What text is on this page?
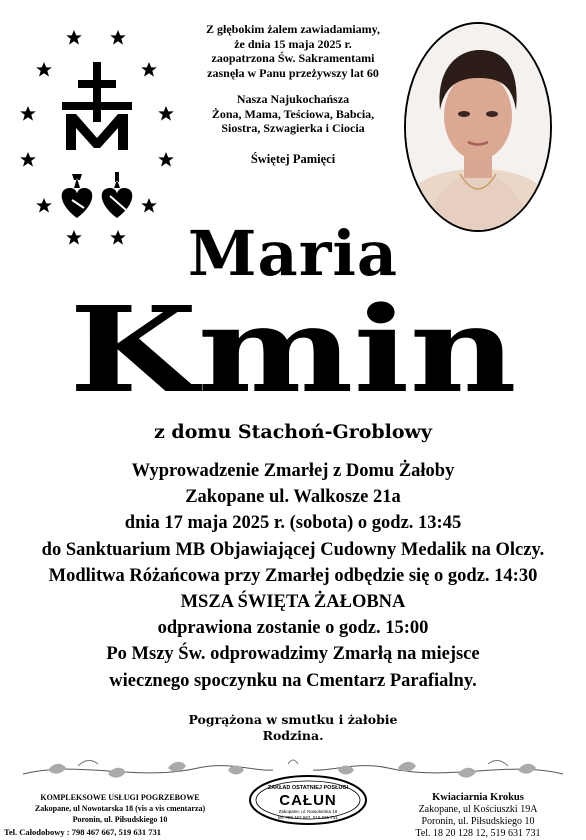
Z głębokim żalem zawiadamiamy,

że dnia 15 maja 2025 r.

zaopatrzona Św. Sakramentami

zasnęła w Panu przeżywszy lat 60

Nasza Najukochańsza

Żona, Mama, Teściowa, Babcia,

Siostra, Szwagierka i Ciocia

Świętej Pamięci

Maria
Kmin
z domu Stachoń-Groblowy
Wyprowadzenie Zmarłej z Domu Żałoby
Zakopane ul. Walkosze 21a
dnia 17 maja 2025 r. (sobota) o godz. 13:45
do Sanktuarium MB Objawiającej Cudowny Medalik na Olczy.
Modlitwa Różańcowa przy Zmarłej odbędzie się o godz. 14:30
MSZA ŚWIĘTA ŻAŁOBNA
odprawiona zostanie o godz. 15:00
Po Mszy Św. odprowadzimy Zmarłą na miejsce
wiecznego spoczynku na Cmentarz Parafialny.
Pogrążona w smutku i żałobie
Rodzina.
KOMPLEKSOWE USŁUGI POGRZEBOWE
Zakopane, ul Nowotarska 18 (vis a vis cmentarza)
Poronin, ul. Piłsudskiego 10
Tel. Całodobowy : 798 467 667, 519 631 731
ZAKŁAD OSTATNIEJ POSŁUGI
CAŁUN
Zakopane, ul. Nowotarska 18
tel. 798 467 667, 519 631 731
Kwiaciarnia Krokus
Zakopane, ul Kościuszki 19A
Poronin, ul. Piłsudskiego 10
Tel. 18 20 128 12, 519 631 731
